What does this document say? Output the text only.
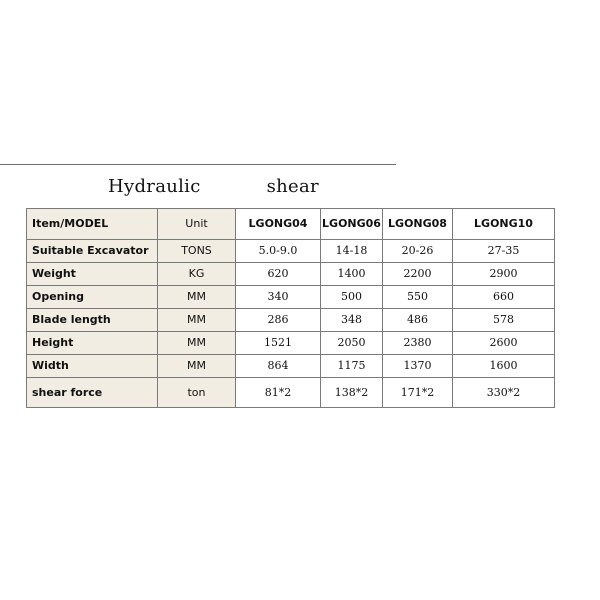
Hydraulic	shear
Item/MODEL	Unit	LGONG04	LGONG06	LGONG08	LGONG10
Suitable Excavator	TONS	5.0-9.0	14-18	20-26	27-35
Weight	KG	620	1400	2200	2900
Opening	MM	340	500	550	660
Blade length	MM	286	348	486	578
Height	MM	1521	2050	2380	2600
Width	MM	864	1175	1370	1600
shear force	ton	81*2	138*2	171*2	330*2
